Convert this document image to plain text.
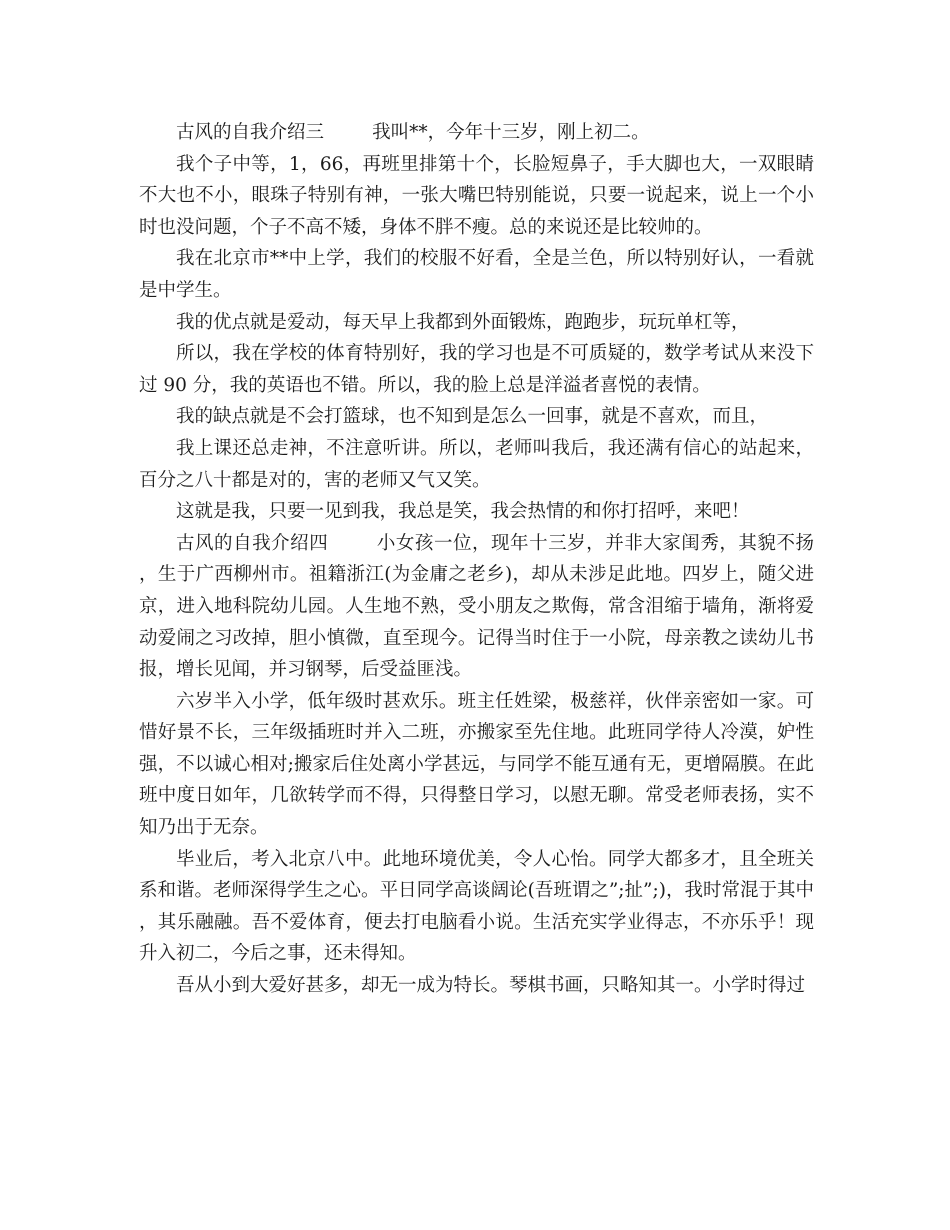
古风的自我介绍三	我叫**，今年十三岁，刚上初二。

我个子中等，1，66，再班里排第十个，长脸短鼻子，手大脚也大，一双眼睛不大也不小，眼珠子特别有神，一张大嘴巴特别能说，只要一说起来，说上一个小时也没问题，个子不高不矮，身体不胖不瘦。总的来说还是比较帅的。

我在北京市**中上学，我们的校服不好看，全是兰色，所以特别好认，一看就是中学生。

我的优点就是爱动，每天早上我都到外面锻炼，跑跑步，玩玩单杠等，

所以，我在学校的体育特别好，我的学习也是不可质疑的，数学考试从来没下过 90 分，我的英语也不错。所以，我的脸上总是洋溢者喜悦的表情。

我的缺点就是不会打篮球，也不知到是怎么一回事，就是不喜欢，而且，

我上课还总走神，不注意听讲。所以，老师叫我后，我还满有信心的站起来，百分之八十都是对的，害的老师又气又笑。

这就是我，只要一见到我，我总是笑，我会热情的和你打招呼，来吧！

古风的自我介绍四	小女孩一位，现年十三岁，并非大家闺秀，其貌不扬，生于广西柳州市。祖籍浙江(为金庸之老乡)，却从未涉足此地。四岁上，随父进京，进入地科院幼儿园。人生地不熟，受小朋友之欺侮，常含泪缩于墙角，渐将爱动爱闹之习改掉，胆小慎微，直至现今。记得当时住于一小院，母亲教之读幼儿书报，增长见闻，并习钢琴，后受益匪浅。

六岁半入小学，低年级时甚欢乐。班主任姓梁，极慈祥，伙伴亲密如一家。可惜好景不长，三年级插班时并入二班，亦搬家至先住地。此班同学待人冷漠，妒性强，不以诚心相对;搬家后住处离小学甚远，与同学不能互通有无，更增隔膜。在此班中度日如年，几欲转学而不得，只得整日学习，以慰无聊。常受老师表扬，实不知乃出于无奈。

毕业后，考入北京八中。此地环境优美，令人心怡。同学大都多才，且全班关系和谐。老师深得学生之心。平日同学高谈阔论(吾班谓之”;扯”;)，我时常混于其中，其乐融融。吾不爱体育，便去打电脑看小说。生活充实学业得志，不亦乐乎！现升入初二，今后之事，还未得知。

吾从小到大爱好甚多，却无一成为特长。琴棋书画，只略知其一。小学时得过
